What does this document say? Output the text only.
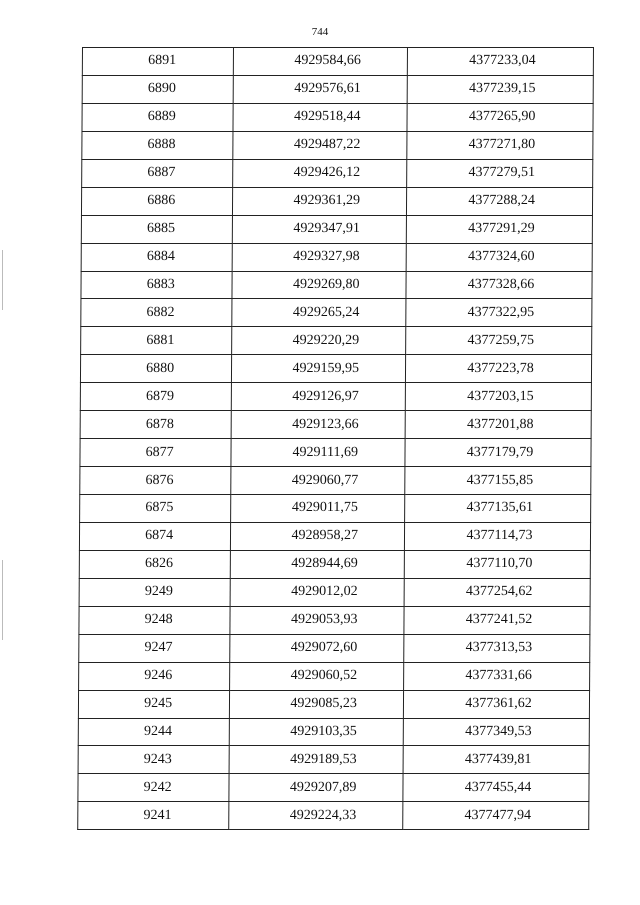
744
6891	4929584,66	4377233,04
6890	4929576,61	4377239,15
6889	4929518,44	4377265,90
6888	4929487,22	4377271,80
6887	4929426,12	4377279,51
6886	4929361,29	4377288,24
6885	4929347,91	4377291,29
6884	4929327,98	4377324,60
6883	4929269,80	4377328,66
6882	4929265,24	4377322,95
6881	4929220,29	4377259,75
6880	4929159,95	4377223,78
6879	4929126,97	4377203,15
6878	4929123,66	4377201,88
6877	4929111,69	4377179,79
6876	4929060,77	4377155,85
6875	4929011,75	4377135,61
6874	4928958,27	4377114,73
6826	4928944,69	4377110,70
9249	4929012,02	4377254,62
9248	4929053,93	4377241,52
9247	4929072,60	4377313,53
9246	4929060,52	4377331,66
9245	4929085,23	4377361,62
9244	4929103,35	4377349,53
9243	4929189,53	4377439,81
9242	4929207,89	4377455,44
9241	4929224,33	4377477,94
